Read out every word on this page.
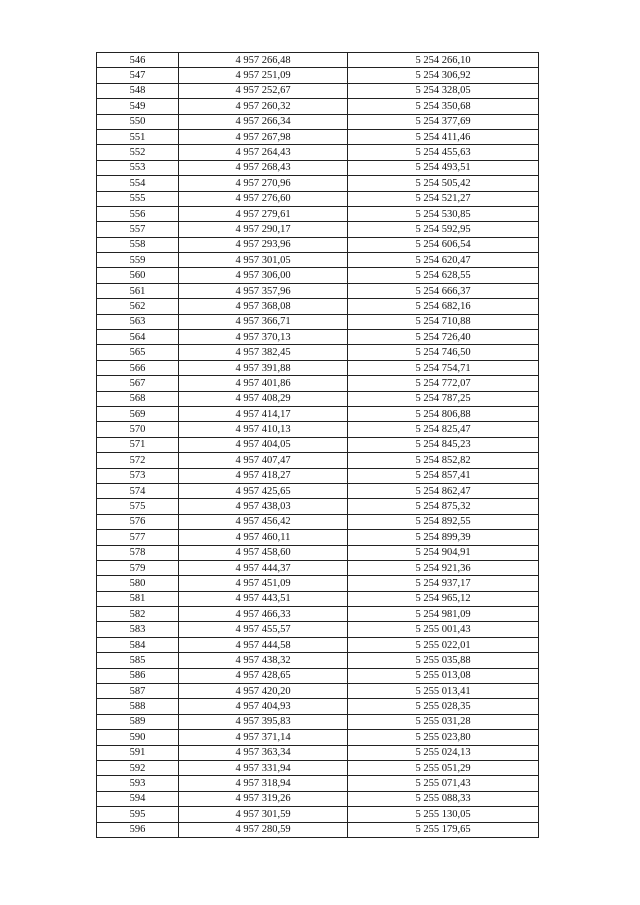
546	4 957 266,48	5 254 266,10
547	4 957 251,09	5 254 306,92
548	4 957 252,67	5 254 328,05
549	4 957 260,32	5 254 350,68
550	4 957 266,34	5 254 377,69
551	4 957 267,98	5 254 411,46
552	4 957 264,43	5 254 455,63
553	4 957 268,43	5 254 493,51
554	4 957 270,96	5 254 505,42
555	4 957 276,60	5 254 521,27
556	4 957 279,61	5 254 530,85
557	4 957 290,17	5 254 592,95
558	4 957 293,96	5 254 606,54
559	4 957 301,05	5 254 620,47
560	4 957 306,00	5 254 628,55
561	4 957 357,96	5 254 666,37
562	4 957 368,08	5 254 682,16
563	4 957 366,71	5 254 710,88
564	4 957 370,13	5 254 726,40
565	4 957 382,45	5 254 746,50
566	4 957 391,88	5 254 754,71
567	4 957 401,86	5 254 772,07
568	4 957 408,29	5 254 787,25
569	4 957 414,17	5 254 806,88
570	4 957 410,13	5 254 825,47
571	4 957 404,05	5 254 845,23
572	4 957 407,47	5 254 852,82
573	4 957 418,27	5 254 857,41
574	4 957 425,65	5 254 862,47
575	4 957 438,03	5 254 875,32
576	4 957 456,42	5 254 892,55
577	4 957 460,11	5 254 899,39
578	4 957 458,60	5 254 904,91
579	4 957 444,37	5 254 921,36
580	4 957 451,09	5 254 937,17
581	4 957 443,51	5 254 965,12
582	4 957 466,33	5 254 981,09
583	4 957 455,57	5 255 001,43
584	4 957 444,58	5 255 022,01
585	4 957 438,32	5 255 035,88
586	4 957 428,65	5 255 013,08
587	4 957 420,20	5 255 013,41
588	4 957 404,93	5 255 028,35
589	4 957 395,83	5 255 031,28
590	4 957 371,14	5 255 023,80
591	4 957 363,34	5 255 024,13
592	4 957 331,94	5 255 051,29
593	4 957 318,94	5 255 071,43
594	4 957 319,26	5 255 088,33
595	4 957 301,59	5 255 130,05
596	4 957 280,59	5 255 179,65
